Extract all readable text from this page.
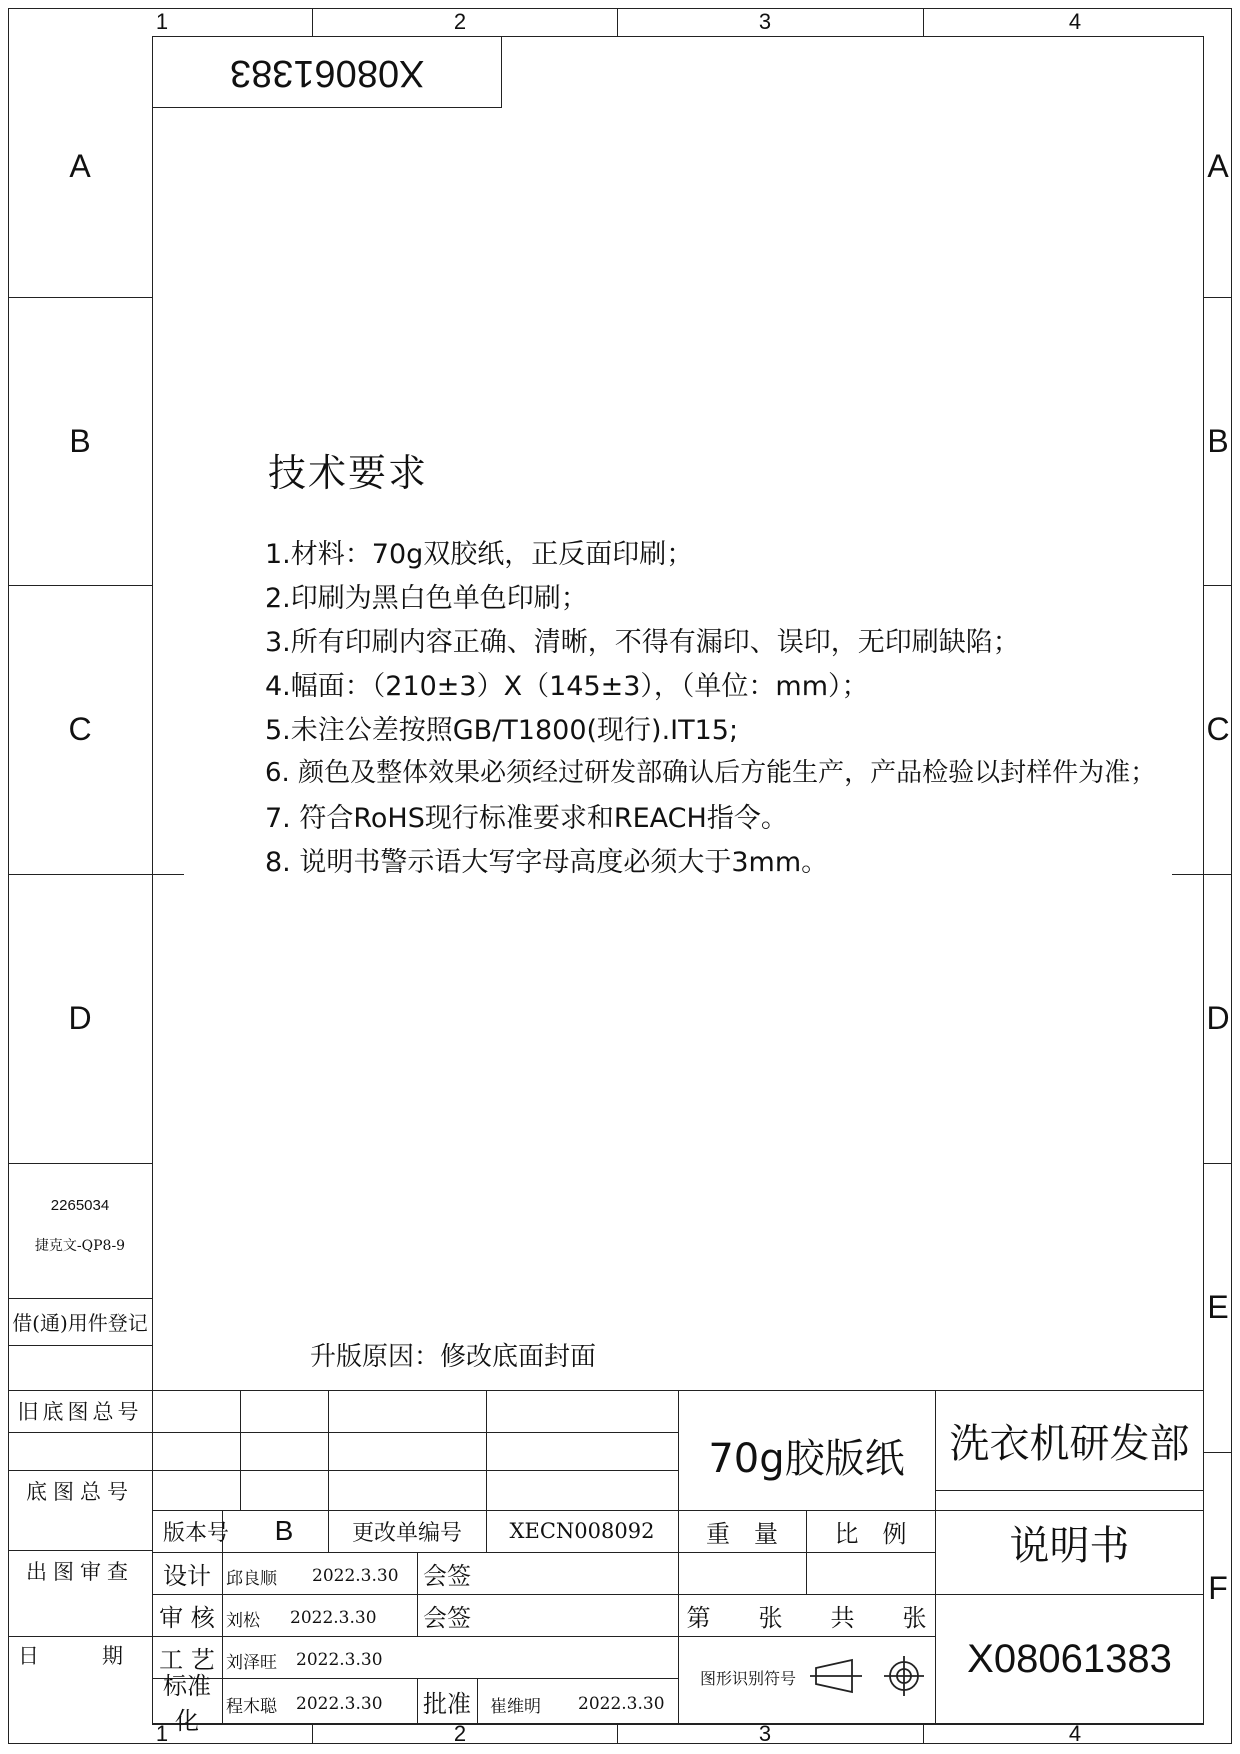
1	2	3	4
1	2	3	4
A
B
C
D
2265034
捷克文-QP8-9
借(通)用件登记
A
B
C
D
E
F
X08061383
技术要求
1.材料：70g双胶纸，正反面印刷；
2.印刷为黑白色单色印刷；
3.所有印刷内容正确、清晰，不得有漏印、误印，无印刷缺陷；
4.幅面：（210±3）X（145±3），（单位：mm）；
5.未注公差按照GB/T1800(现行).IT15;
6. 颜色及整体效果必须经过研发部确认后方能生产，产品检验以封样件为准；
7. 符合RoHS现行标准要求和REACH指令。
8. 说明书警示语大写字母高度必须大于3mm。
升版原因：修改底面封面
旧底图总号
底图总号
出图审查
日　　　期
70g胶版纸	洗衣机研发部
说明书
X08061383
版本号	B	更改单编号	XECN008092	重　量	比　例
第　　张　　共　　张
设计 邱良顺 2022.3.30 会签
审 核 刘松 2022.3.30 会签
工 艺 刘泽旺 2022.3.30
标准化	程木聪 2022.3.30 批准	崔维明 2022.3.30
图形识别符号
